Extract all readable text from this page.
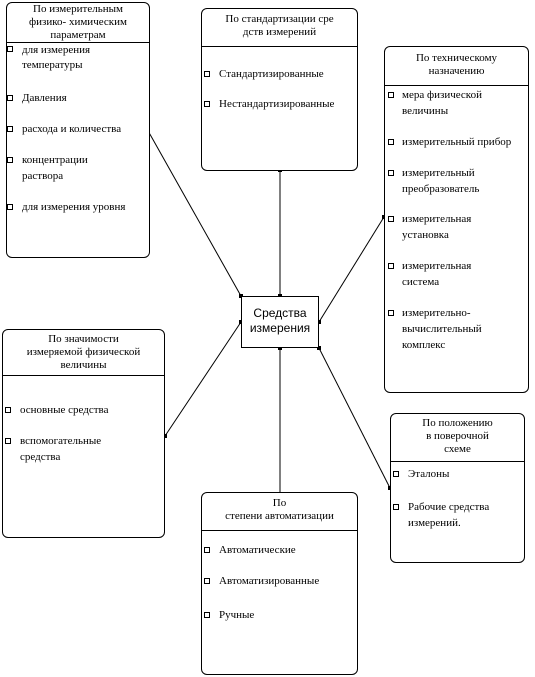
По измерительным
физико- химическим
параметрам
для измерения
температуры
Давления
расхода и количества
концентрации
раствора
для измерения уровня
По стандартизации сре
дств измерений
Стандартизированные
Нестандартизированные
По техническому
назначению
мера физической
величины
измерительный прибор
измерительный
преобразователь
измерительная
установка
измерительная
система
измерительно-
вычислительный
комплекс
По значимости
измеряемой физической
величины
основные средства
вспомогательные
средства
Средства
измерения
По положению
в поверочной
схеме
Эталоны
Рабочие средства
измерений.
По
степени автоматизации
Автоматические
Автоматизированные
Ручные
